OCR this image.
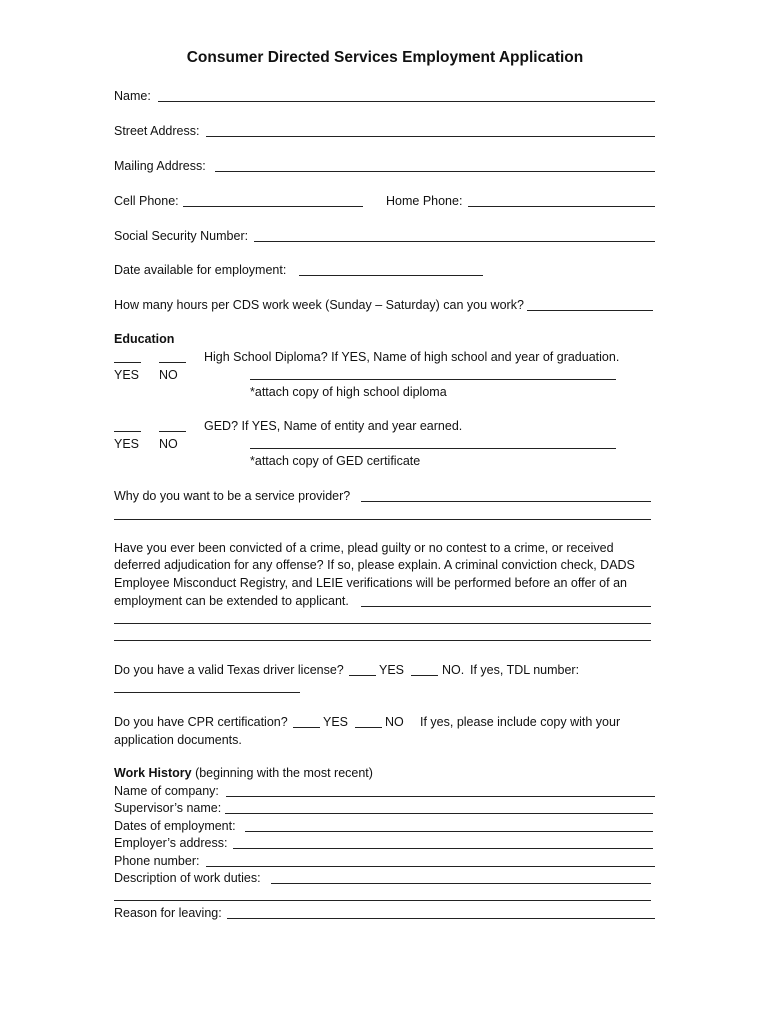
Consumer Directed Services Employment Application
Name:
Street Address:
Mailing Address:
Cell Phone:	Home Phone:
Social Security Number:
Date available for employment:
How many hours per CDS work week (Sunday – Saturday) can you work?
Education
High School Diploma? If YES, Name of high school and year of graduation.
YES NO
*attach copy of high school diploma
GED? If YES, Name of entity and year earned.
YES NO
*attach copy of GED certificate
Why do you want to be a service provider?
Have you ever been convicted of a crime, plead guilty or no contest to a crime, or received
deferred adjudication for any offense? If so, please explain. A criminal conviction check, DADS
Employee Misconduct Registry, and LEIE verifications will be performed before an offer of an
employment can be extended to applicant.
Do you have a valid Texas driver license?	YES	NO. If yes, TDL number:
Do you have CPR certification?	YES	NO If yes, please include copy with your
application documents.
Work History (beginning with the most recent)
Name of company:
Supervisor’s name:
Dates of employment:
Employer’s address:
Phone number:
Description of work duties:
Reason for leaving:
